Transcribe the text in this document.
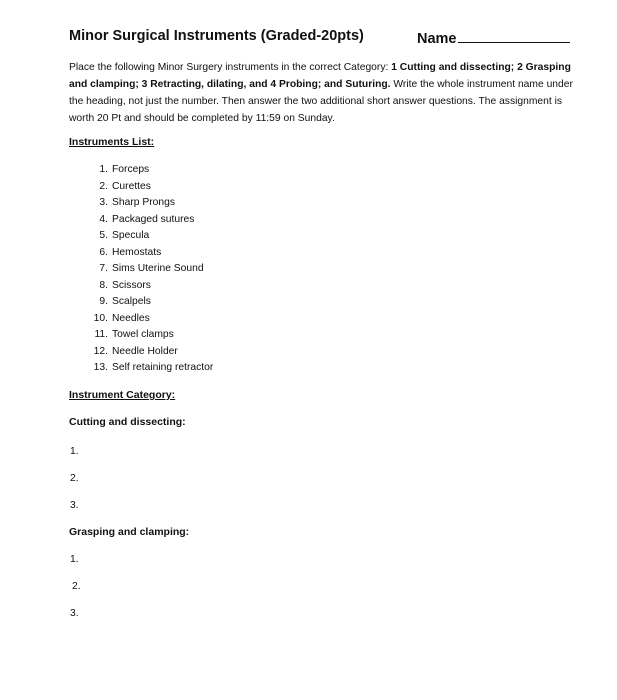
Minor Surgical Instruments (Graded-20pts)	Name
Place the following Minor Surgery instruments in the correct Category: 1 Cutting and dissecting; 2 Grasping and clamping; 3 Retracting, dilating, and 4 Probing; and Suturing. Write the whole instrument name under the heading, not just the number. Then answer the two additional short answer questions. The assignment is worth 20 Pt and should be completed by 11:59 on Sunday.
Instruments List:
1. Forceps
2. Curettes
3. Sharp Prongs
4. Packaged sutures
5. Specula
6. Hemostats
7. Sims Uterine Sound
8. Scissors
9. Scalpels
10. Needles
11. Towel clamps
12. Needle Holder
13. Self retaining retractor
Instrument Category:
Cutting and dissecting:
1.
2.
3.
Grasping and clamping:
1.
2.
3.
